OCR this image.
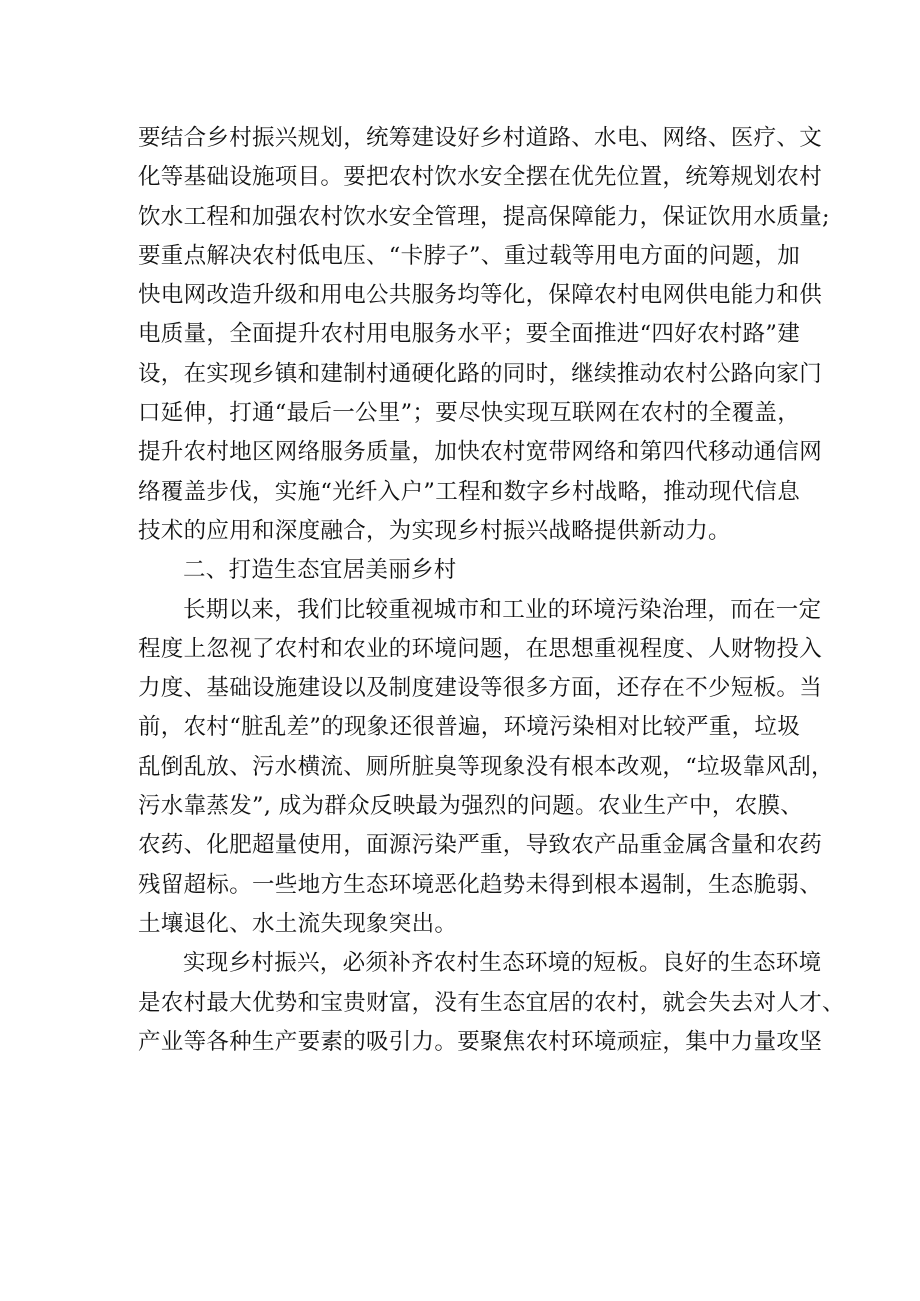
要结合乡村振兴规划，统筹建设好乡村道路、水电、网络、医疗、文
化等基础设施项目。要把农村饮水安全摆在优先位置，统筹规划农村
饮水工程和加强农村饮水安全管理，提高保障能力，保证饮用水质量;
要重点解决农村低电压、“卡脖子”、重过载等用电方面的问题，加
快电网改造升级和用电公共服务均等化，保障农村电网供电能力和供
电质量，全面提升农村用电服务水平；要全面推进“四好农村路”建
设，在实现乡镇和建制村通硬化路的同时，继续推动农村公路向家门
口延伸，打通“最后一公里”；要尽快实现互联网在农村的全覆盖，
提升农村地区网络服务质量，加快农村宽带网络和第四代移动通信网
络覆盖步伐，实施“光纤入户”工程和数字乡村战略，推动现代信息
技术的应用和深度融合，为实现乡村振兴战略提供新动力。

二、打造生态宜居美丽乡村

长期以来，我们比较重视城市和工业的环境污染治理，而在一定
程度上忽视了农村和农业的环境问题，在思想重视程度、人财物投入
力度、基础设施建设以及制度建设等很多方面，还存在不少短板。当
前，农村“脏乱差”的现象还很普遍，环境污染相对比较严重，垃圾
乱倒乱放、污水横流、厕所脏臭等现象没有根本改观，“垃圾靠风刮，
污水靠蒸发”, 成为群众反映最为强烈的问题。农业生产中，农膜、
农药、化肥超量使用，面源污染严重，导致农产品重金属含量和农药
残留超标。一些地方生态环境恶化趋势未得到根本遏制，生态脆弱、
土壤退化、水土流失现象突出。

实现乡村振兴，必须补齐农村生态环境的短板。良好的生态环境
是农村最大优势和宝贵财富，没有生态宜居的农村，就会失去对人才、
产业等各种生产要素的吸引力。要聚焦农村环境顽症，集中力量攻坚
